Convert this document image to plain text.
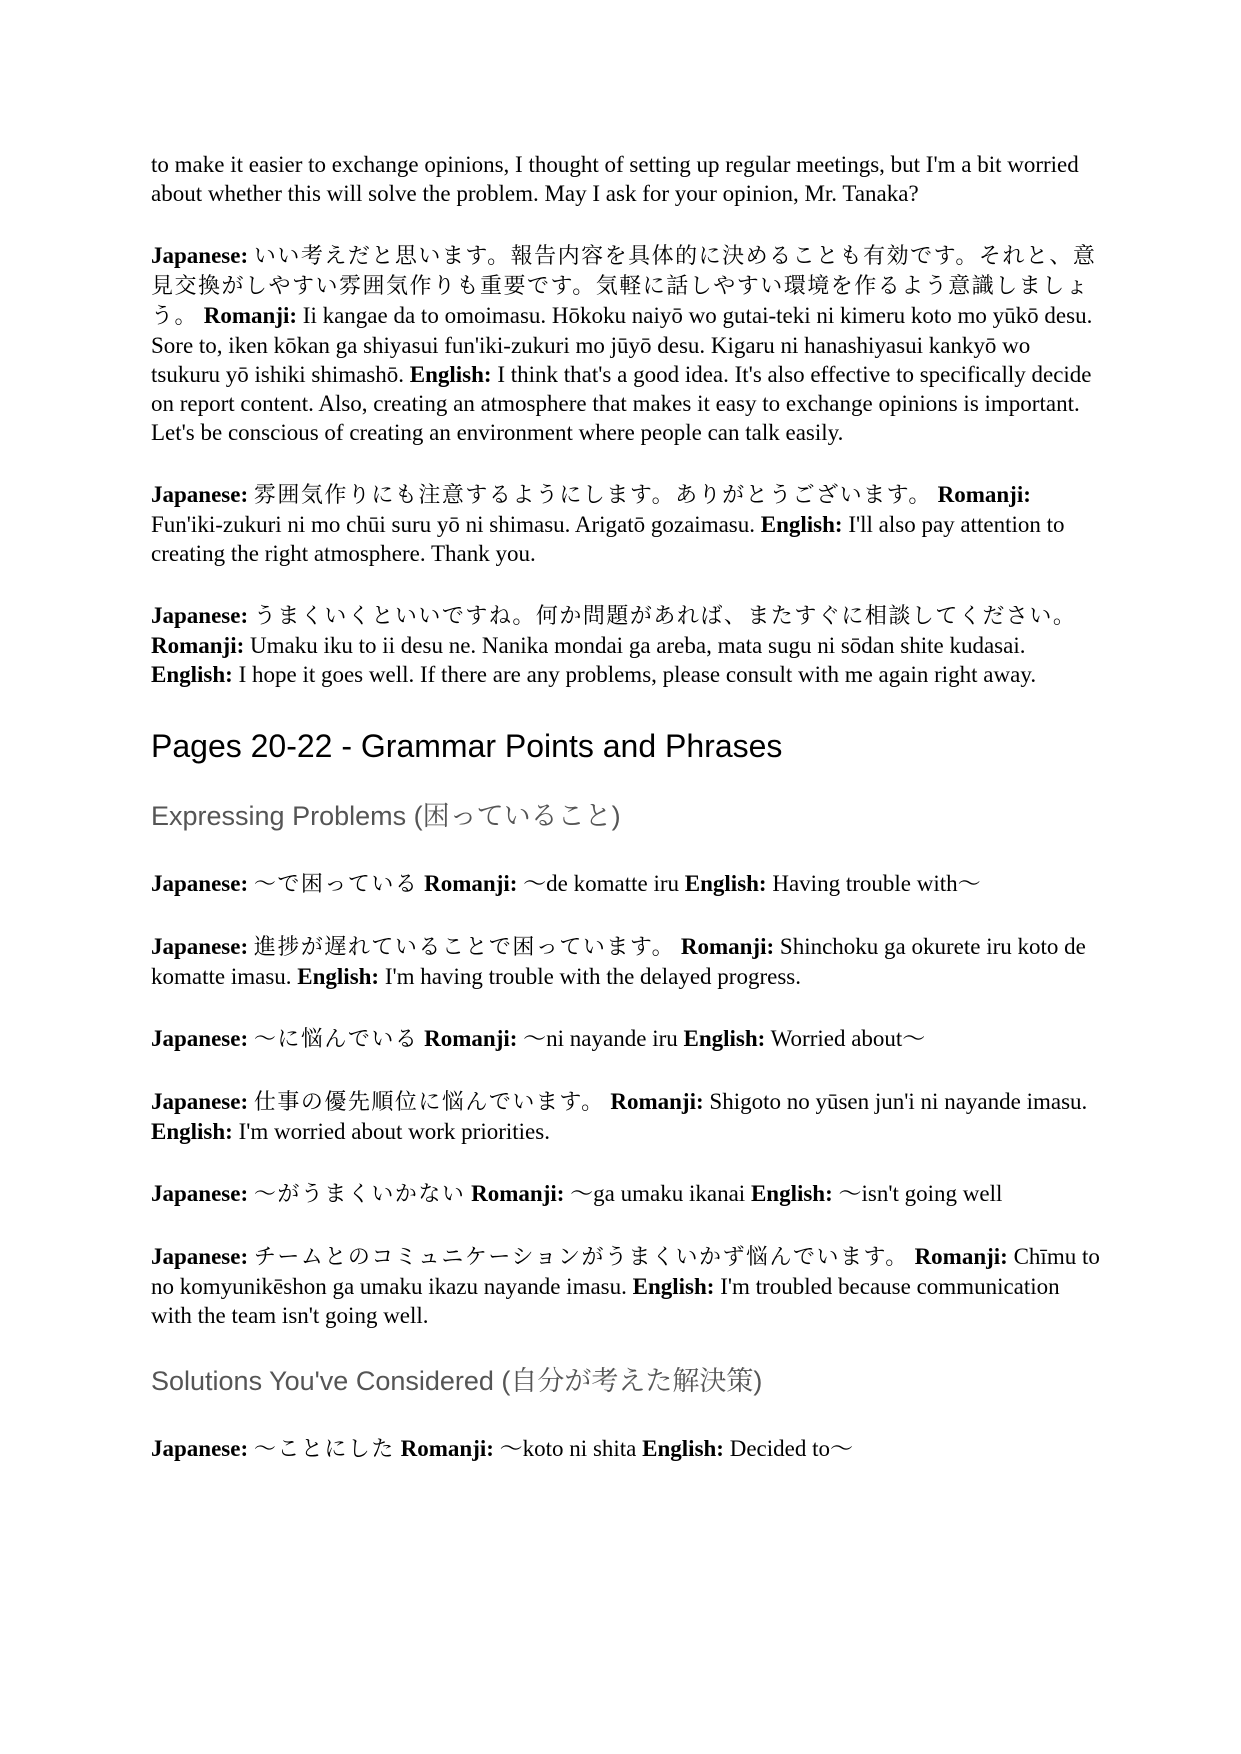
to make it easier to exchange opinions, I thought of setting up regular meetings, but I'm a bit worried about whether this will solve the problem. May I ask for your opinion, Mr. Tanaka?

Japanese: いい考えだと思います。報告内容を具体的に決めることも有効です。それと、意見交換がしやすい雰囲気作りも重要です。気軽に話しやすい環境を作るよう意識しましょう。 Romanji: Ii kangae da to omoimasu. Hōkoku naiyō wo gutai-teki ni kimeru koto mo yūkō desu. Sore to, iken kōkan ga shiyasui fun'iki-zukuri mo jūyō desu. Kigaru ni hanashiyasui kankyō wo tsukuru yō ishiki shimashō. English: I think that's a good idea. It's also effective to specifically decide on report content. Also, creating an atmosphere that makes it easy to exchange opinions is important. Let's be conscious of creating an environment where people can talk easily.

Japanese: 雰囲気作りにも注意するようにします。ありがとうございます。 Romanji: Fun'iki-zukuri ni mo chūi suru yō ni shimasu. Arigatō gozaimasu. English: I'll also pay attention to creating the right atmosphere. Thank you.

Japanese: うまくいくといいですね。何か問題があれば、またすぐに相談してください。 Romanji: Umaku iku to ii desu ne. Nanika mondai ga areba, mata sugu ni sōdan shite kudasai. English: I hope it goes well. If there are any problems, please consult with me again right away.

Pages 20-22 - Grammar Points and Phrases
Expressing Problems (困っていること)

Japanese: 〜で困っている Romanji: 〜de komatte iru English: Having trouble with〜

Japanese: 進捗が遅れていることで困っています。 Romanji: Shinchoku ga okurete iru koto de komatte imasu. English: I'm having trouble with the delayed progress.

Japanese: 〜に悩んでいる Romanji: 〜ni nayande iru English: Worried about〜

Japanese: 仕事の優先順位に悩んでいます。 Romanji: Shigoto no yūsen jun'i ni nayande imasu. English: I'm worried about work priorities.

Japanese: 〜がうまくいかない Romanji: 〜ga umaku ikanai English: 〜isn't going well

Japanese: チームとのコミュニケーションがうまくいかず悩んでいます。 Romanji: Chīmu to no komyunikēshon ga umaku ikazu nayande imasu. English: I'm troubled because communication with the team isn't going well.

Solutions You've Considered (自分が考えた解決策)

Japanese: 〜ことにした Romanji: 〜koto ni shita English: Decided to〜
